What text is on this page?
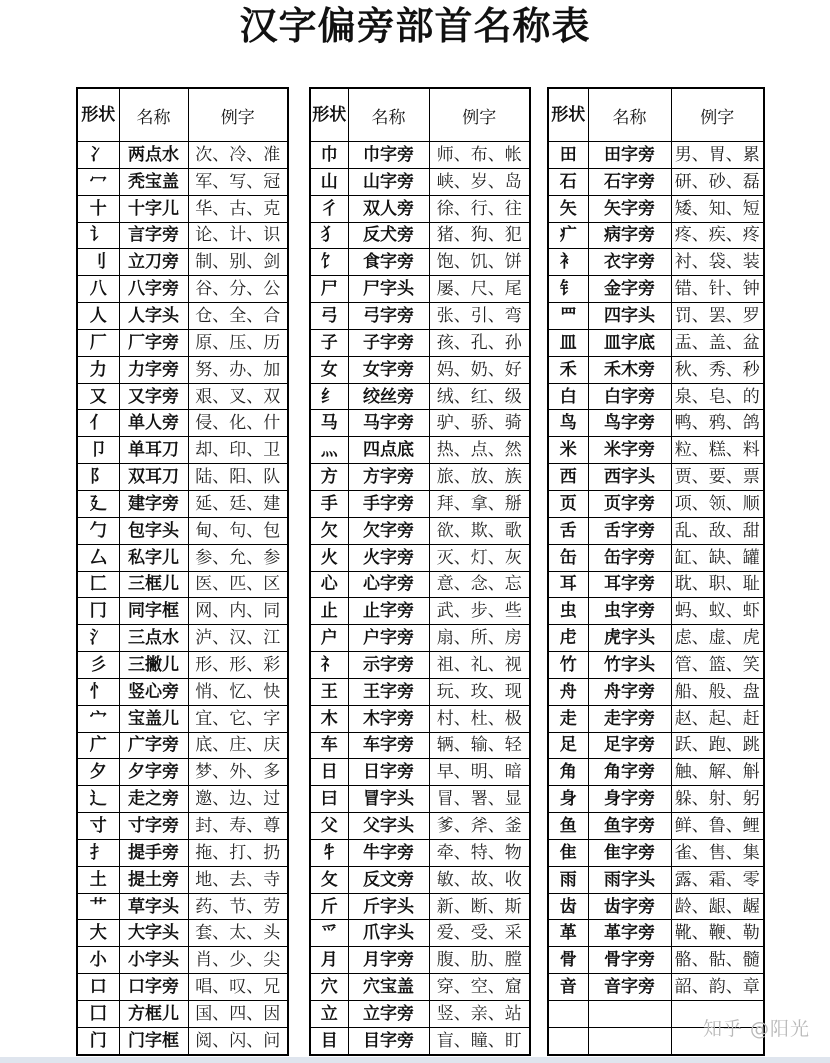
汉字偏旁部首名称表
形状	名称	例字
冫	两点水	次、冷、准
冖	秃宝盖	军、写、冠
十	十字儿	华、古、克
讠	言字旁	论、计、识
刂	立刀旁	制、别、剑
八	八字旁	谷、分、公
人	人字头	仓、全、合
厂	厂字旁	原、压、历
力	力字旁	努、办、加
又	又字旁	艰、叉、双
亻	单人旁	侵、化、什
卩	单耳刀	却、印、卫
阝	双耳刀	陆、阳、队
廴	建字旁	延、廷、建
勹	包字头	甸、句、包
厶	私字儿	参、允、参
匚	三框儿	医、匹、区
冂	同字框	网、内、同
氵	三点水	泸、汉、江
彡	三撇儿	形、形、彩
忄	竖心旁	悄、忆、快
宀	宝盖儿	宜、它、字
广	广字旁	底、庄、庆
夕	夕字旁	梦、外、多
辶	走之旁	邀、边、过
寸	寸字旁	封、寿、尊
扌	提手旁	拖、打、扔
土	提土旁	地、去、寺
艹	草字头	药、节、劳
大	大字头	套、太、头
小	小字头	肖、少、尖
口	口字旁	唱、叹、兄
囗	方框儿	国、四、因
门	门字框	阅、闪、问
形状	名称	例字
巾	巾字旁	师、布、帐
山	山字旁	峡、岁、岛
彳	双人旁	徐、行、往
犭	反犬旁	猪、狗、犯
饣	食字旁	饱、饥、饼
尸	尸字头	屡、尺、尾
弓	弓字旁	张、引、弯
子	子字旁	孩、孔、孙
女	女字旁	妈、奶、好
纟	绞丝旁	绒、红、级
马	马字旁	驴、骄、骑
灬	四点底	热、点、然
方	方字旁	旅、放、族
手	手字旁	拜、拿、掰
欠	欠字旁	欲、欺、歌
火	火字旁	灭、灯、灰
心	心字旁	意、念、忘
止	止字旁	武、步、些
户	户字旁	扇、所、房
礻	示字旁	祖、礼、视
王	王字旁	玩、玫、现
木	木字旁	村、杜、极
车	车字旁	辆、输、轻
日	日字旁	早、明、暗
曰	冒字头	冒、署、显
父	父字头	爹、斧、釜
牜	牛字旁	牵、特、物
攵	反文旁	敏、故、收
斤	斤字头	新、断、斯
爫	爪字头	爱、受、采
月	月字旁	腹、肋、膛
穴	穴宝盖	穿、空、窟
立	立字旁	竖、亲、站
目	目字旁	盲、瞳、盯
形状	名称	例字
田	田字旁	男、胃、累
石	石字旁	研、砂、磊
矢	矢字旁	矮、知、短
疒	病字旁	疼、疾、疼
衤	衣字旁	衬、袋、装
钅	金字旁	错、针、钟
罒	四字头	罚、罢、罗
皿	皿字底	盂、盖、盆
禾	禾木旁	秋、秀、秒
白	白字旁	泉、皂、的
鸟	鸟字旁	鸭、鸦、鸽
米	米字旁	粒、糕、料
西	西字头	贾、要、票
页	页字旁	项、领、顺
舌	舌字旁	乱、敌、甜
缶	缶字旁	缸、缺、罐
耳	耳字旁	耽、职、耻
虫	虫字旁	蚂、蚁、虾
虍	虎字头	虑、虚、虎
竹	竹字头	管、篮、笑
舟	舟字旁	船、般、盘
走	走字旁	赵、起、赶
足	足字旁	跃、跑、跳
角	角字旁	触、解、斛
身	身字旁	躲、射、躬
鱼	鱼字旁	鲜、鲁、鲤
隹	隹字旁	雀、售、集
雨	雨字头	露、霜、零
齿	齿字旁	龄、龈、龌
革	革字旁	靴、鞭、勒
骨	骨字旁	骼、骷、髓
音	音字旁	韶、韵、章

知乎 @阳光
